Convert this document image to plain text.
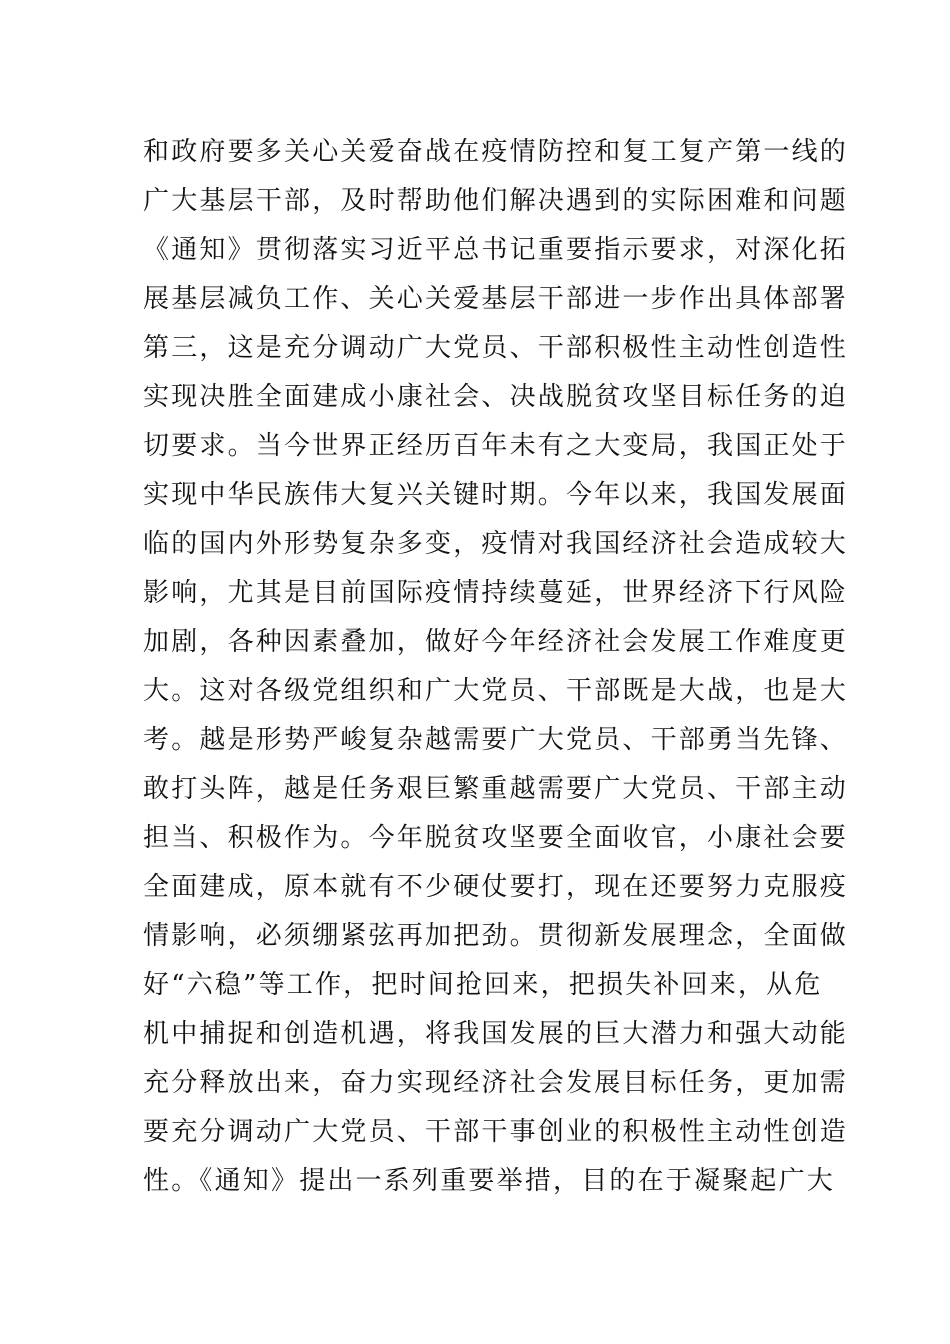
和政府要多关心关爱奋战在疫情防控和复工复产第一线的
广大基层干部，及时帮助他们解决遇到的实际困难和问题
《通知》贯彻落实习近平总书记重要指示要求，对深化拓
展基层减负工作、关心关爱基层干部进一步作出具体部署
第三，这是充分调动广大党员、干部积极性主动性创造性
实现决胜全面建成小康社会、决战脱贫攻坚目标任务的迫
切要求。当今世界正经历百年未有之大变局，我国正处于
实现中华民族伟大复兴关键时期。今年以来，我国发展面
临的国内外形势复杂多变，疫情对我国经济社会造成较大
影响，尤其是目前国际疫情持续蔓延，世界经济下行风险
加剧，各种因素叠加，做好今年经济社会发展工作难度更
大。这对各级党组织和广大党员、干部既是大战，也是大
考。越是形势严峻复杂越需要广大党员、干部勇当先锋、
敢打头阵，越是任务艰巨繁重越需要广大党员、干部主动
担当、积极作为。今年脱贫攻坚要全面收官，小康社会要
全面建成，原本就有不少硬仗要打，现在还要努力克服疫
情影响，必须绷紧弦再加把劲。贯彻新发展理念，全面做
好“六稳”等工作，把时间抢回来，把损失补回来，从危
机中捕捉和创造机遇，将我国发展的巨大潜力和强大动能
充分释放出来，奋力实现经济社会发展目标任务，更加需
要充分调动广大党员、干部干事创业的积极性主动性创造
性。《通知》提出一系列重要举措，目的在于凝聚起广大
